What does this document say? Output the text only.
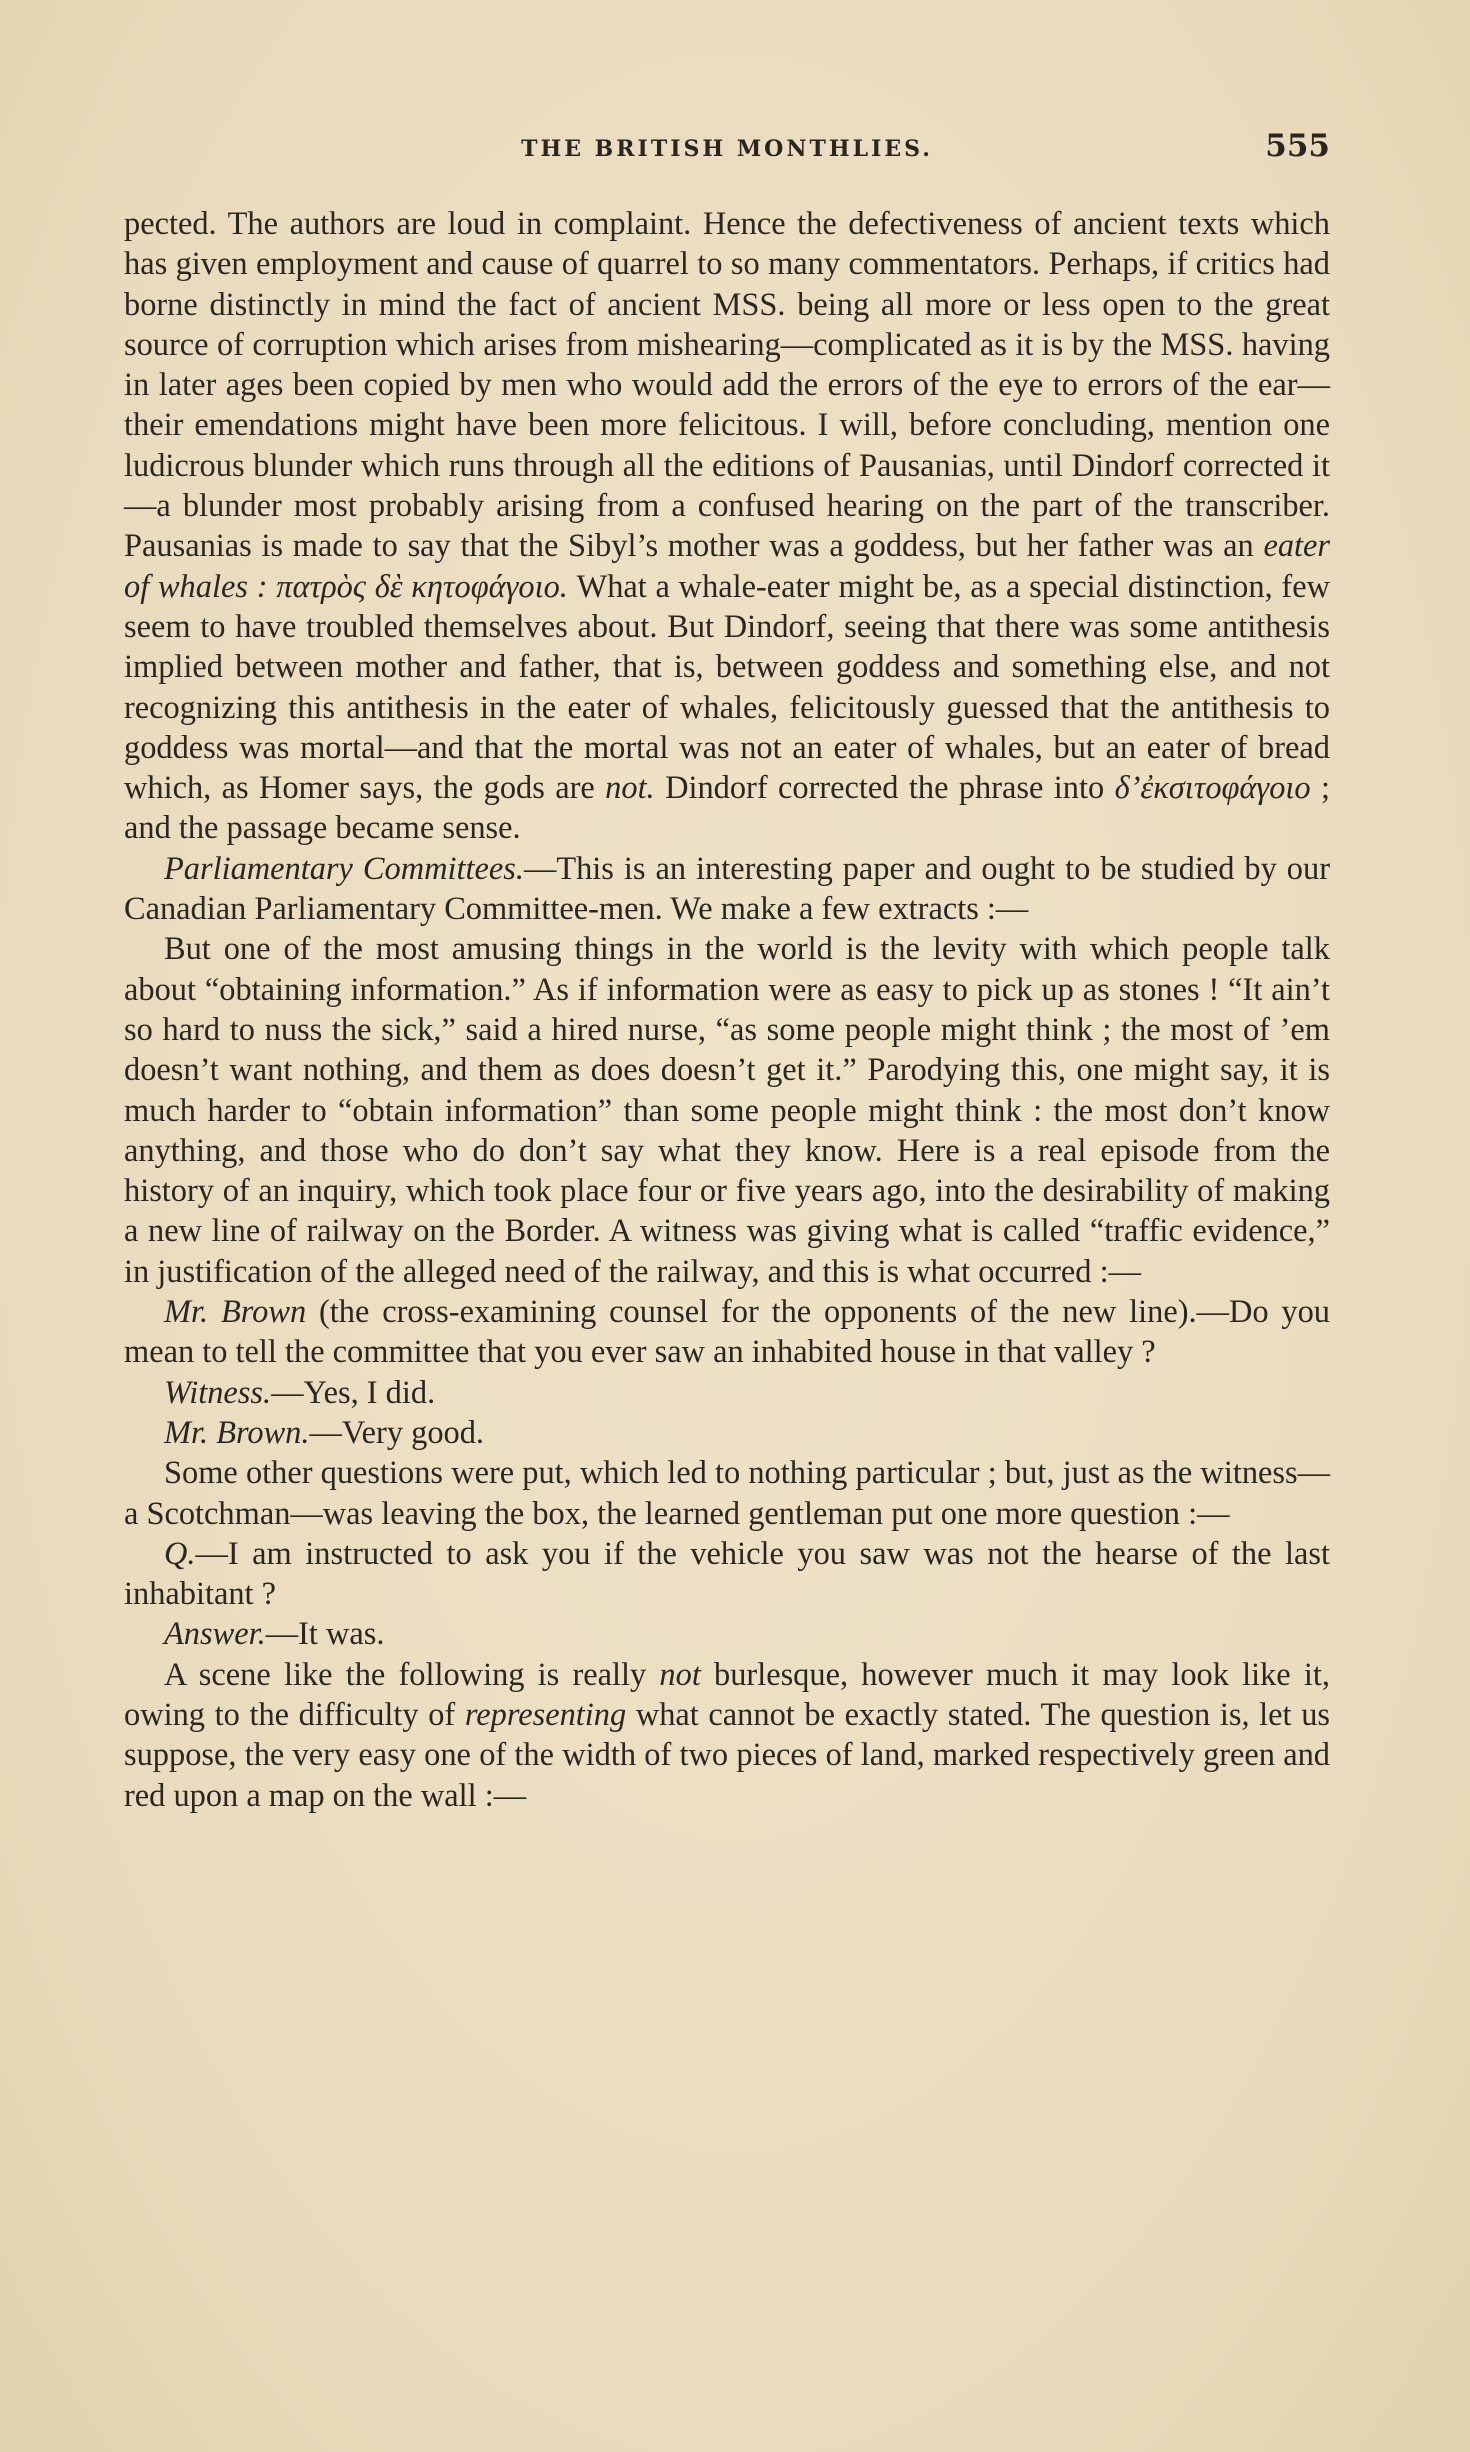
THE BRITISH MONTHLIES.	555

pected. The authors are loud in complaint. Hence the defectiveness of ancient texts which has given employment and cause of quarrel to so many commentators. Perhaps, if critics had borne distinctly in mind the fact of ancient MSS. being all more or less open to the great source of corruption which arises from mishearing—complicated as it is by the MSS. having in later ages been copied by men who would add the errors of the eye to errors of the ear—their emendations might have been more felicitous. I will, before concluding, mention one ludicrous blunder which runs through all the editions of Pausanias, until Dindorf corrected it—a blunder most probably arising from a confused hearing on the part of the transcriber. Pausanias is made to say that the Sibyl’s mother was a goddess, but her father was an eater of whales : πατρὸς δὲ κητοφάγοιο. What a whale-eater might be, as a special distinction, few seem to have troubled themselves about. But Dindorf, seeing that there was some antithesis implied between mother and father, that is, between goddess and something else, and not recognizing this antithesis in the eater of whales, felicitously guessed that the antithesis to goddess was mortal—and that the mortal was not an eater of whales, but an eater of bread which, as Homer says, the gods are not. Dindorf corrected the phrase into δ’ἐκσιτοφάγοιο ; and the passage became sense.

Parliamentary Committees.—This is an interesting paper and ought to be studied by our Canadian Parliamentary Committee-men. We make a few extracts :—

But one of the most amusing things in the world is the levity with which people talk about “obtaining information.” As if information were as easy to pick up as stones ! “It ain’t so hard to nuss the sick,” said a hired nurse, “as some people might think ; the most of ’em doesn’t want nothing, and them as does doesn’t get it.” Parodying this, one might say, it is much harder to “obtain information” than some people might think : the most don’t know anything, and those who do don’t say what they know. Here is a real episode from the history of an inquiry, which took place four or five years ago, into the desirability of making a new line of railway on the Border. A witness was giving what is called “traffic evidence,” in justification of the alleged need of the railway, and this is what occurred :—

Mr. Brown (the cross-examining counsel for the opponents of the new line).—Do you mean to tell the committee that you ever saw an inhabited house in that valley ?

Witness.—Yes, I did.

Mr. Brown.—Very good.

Some other questions were put, which led to nothing particular ; but, just as the witness—a Scotchman—was leaving the box, the learned gentleman put one more question :—

Q.—I am instructed to ask you if the vehicle you saw was not the hearse of the last inhabitant ?

Answer.—It was.

A scene like the following is really not burlesque, however much it may look like it, owing to the difficulty of representing what cannot be exactly stated. The question is, let us suppose, the very easy one of the width of two pieces of land, marked respectively green and red upon a map on the wall :—
